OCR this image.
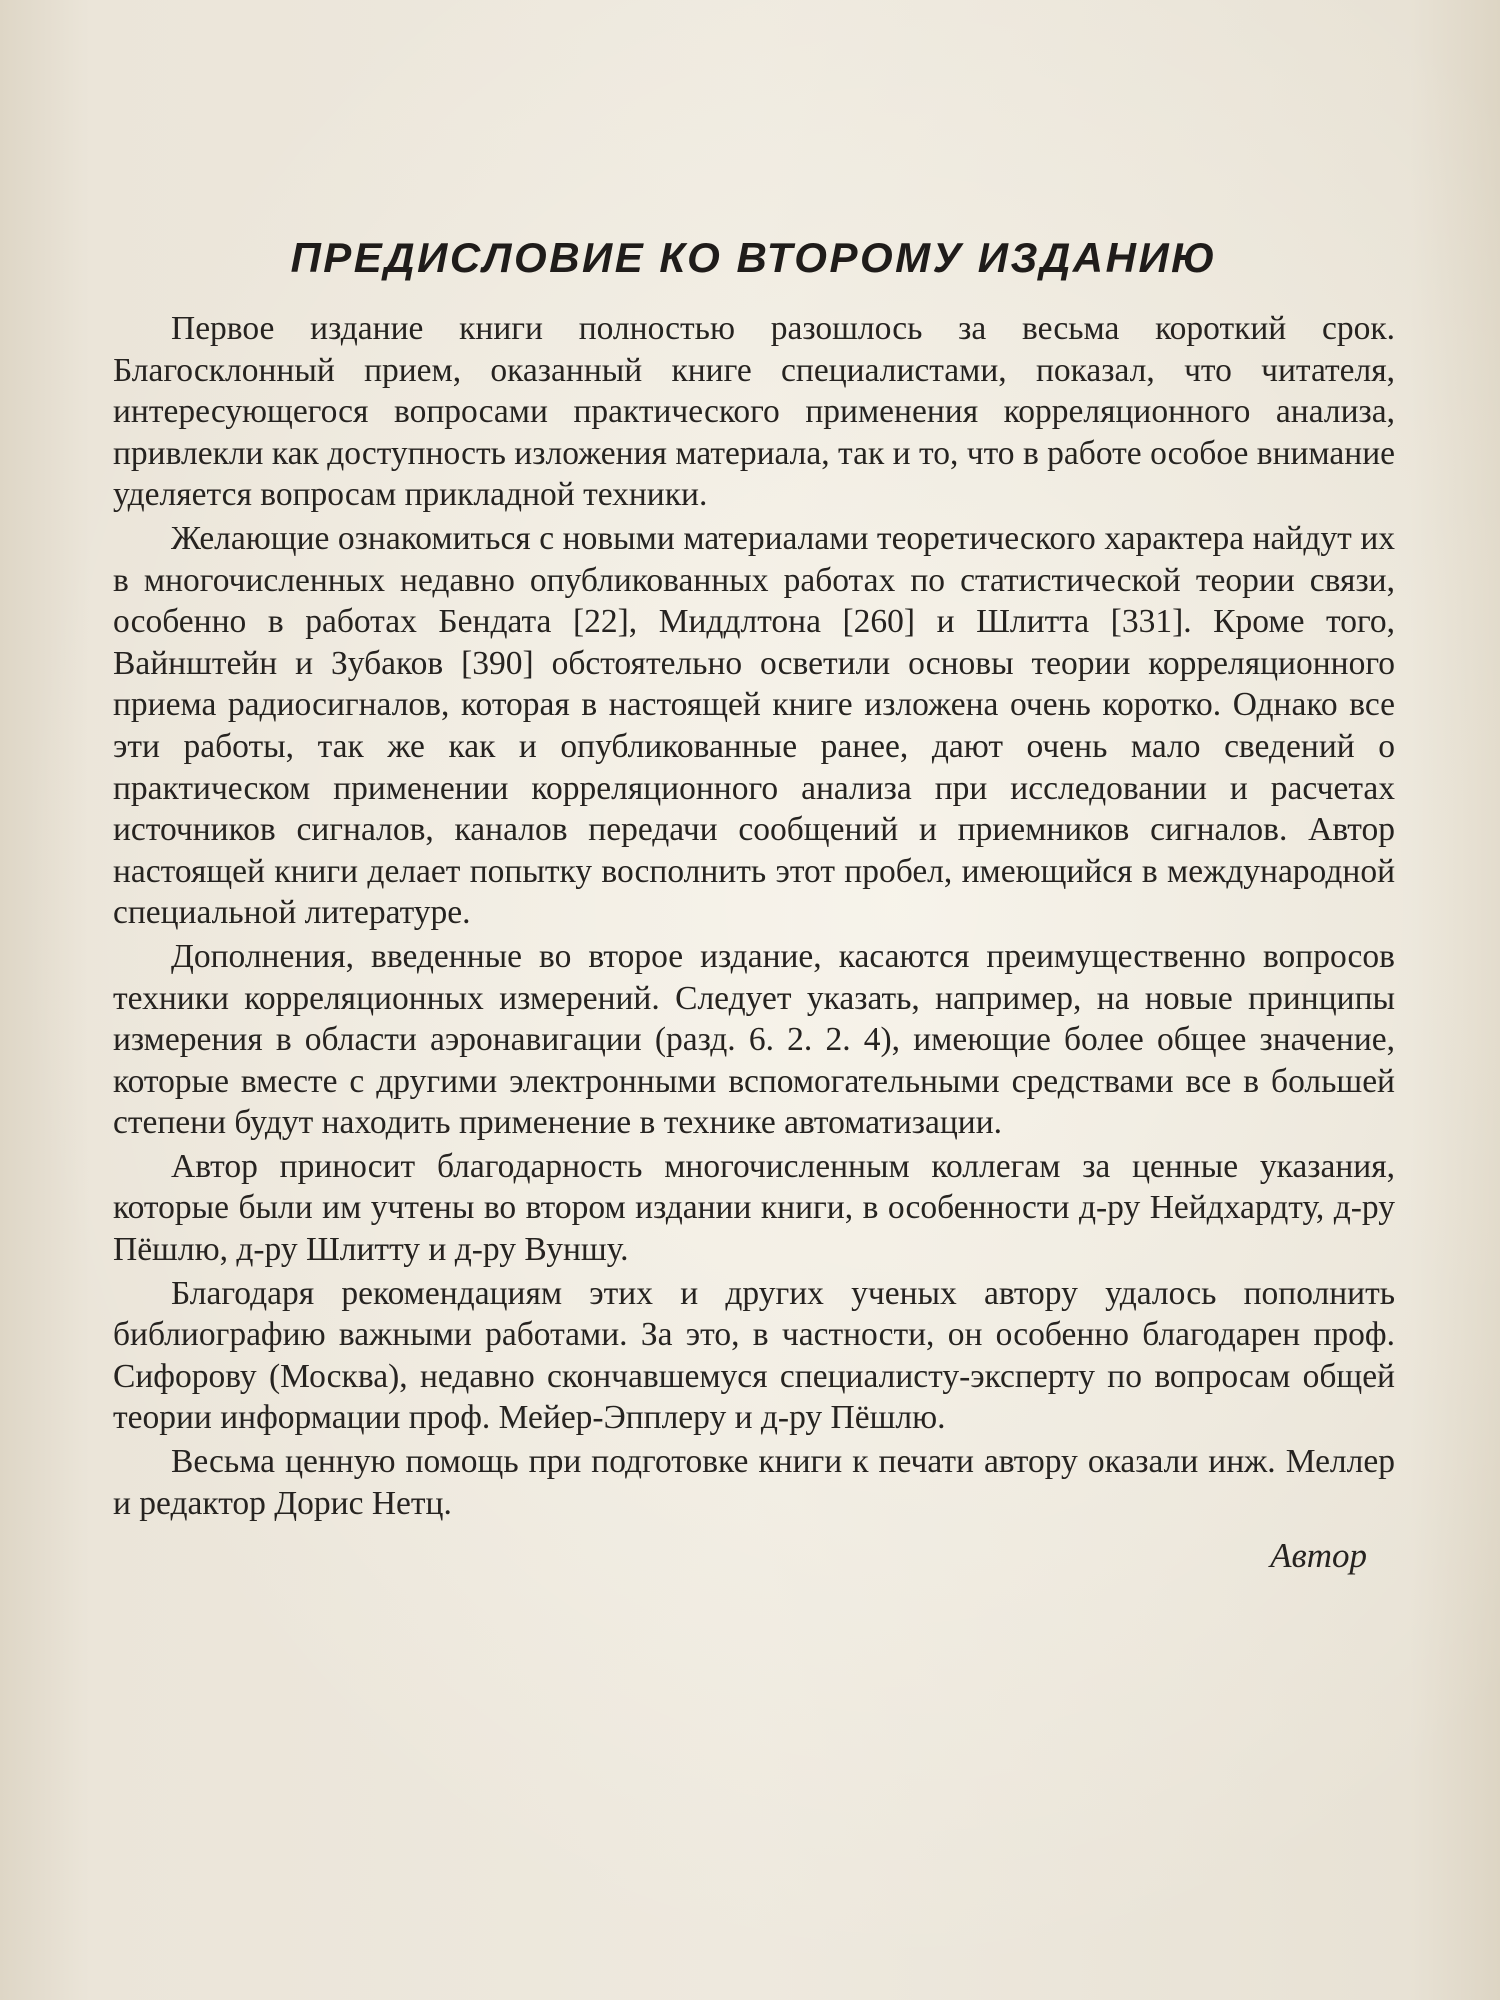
ПРЕДИСЛОВИЕ КО ВТОРОМУ ИЗДАНИЮ

Первое издание книги полностью разошлось за весьма короткий срок. Благосклонный прием, оказанный книге специалистами, показал, что читателя, интересующегося вопросами практического применения корреляционного анализа, привлекли как доступность изложения материала, так и то, что в работе особое внимание уделяется вопросам прикладной техники.

Желающие ознакомиться с новыми материалами теоретического характера найдут их в многочисленных недавно опубликованных работах по статистической теории связи, особенно в работах Бендата [22], Миддлтона [260] и Шлитта [331]. Кроме того, Вайнштейн и Зубаков [390] обстоятельно осветили основы теории корреляционного приема радиосигналов, которая в настоящей книге изложена очень коротко. Однако все эти работы, так же как и опубликованные ранее, дают очень мало сведений о практическом применении корреляционного анализа при исследовании и расчетах источников сигналов, каналов передачи сообщений и приемников сигналов. Автор настоящей книги делает попытку восполнить этот пробел, имеющийся в международной специальной литературе.

Дополнения, введенные во второе издание, касаются преимущественно вопросов техники корреляционных измерений. Следует указать, например, на новые принципы измерения в области аэронавигации (разд. 6. 2. 2. 4), имеющие более общее значение, которые вместе с другими электронными вспомогательными средствами все в большей степени будут находить применение в технике автоматизации.

Автор приносит благодарность многочисленным коллегам за ценные указания, которые были им учтены во втором издании книги, в особенности д-ру Нейдхардту, д-ру Пёшлю, д-ру Шлитту и д-ру Вуншу.

Благодаря рекомендациям этих и других ученых автору удалось пополнить библиографию важными работами. За это, в частности, он особенно благодарен проф. Сифорову (Москва), недавно скончавшемуся специалисту-эксперту по вопросам общей теории информации проф. Мейер-Эпплеру и д-ру Пёшлю.

Весьма ценную помощь при подготовке книги к печати автору оказали инж. Меллер и редактор Дорис Нетц.

Автор
